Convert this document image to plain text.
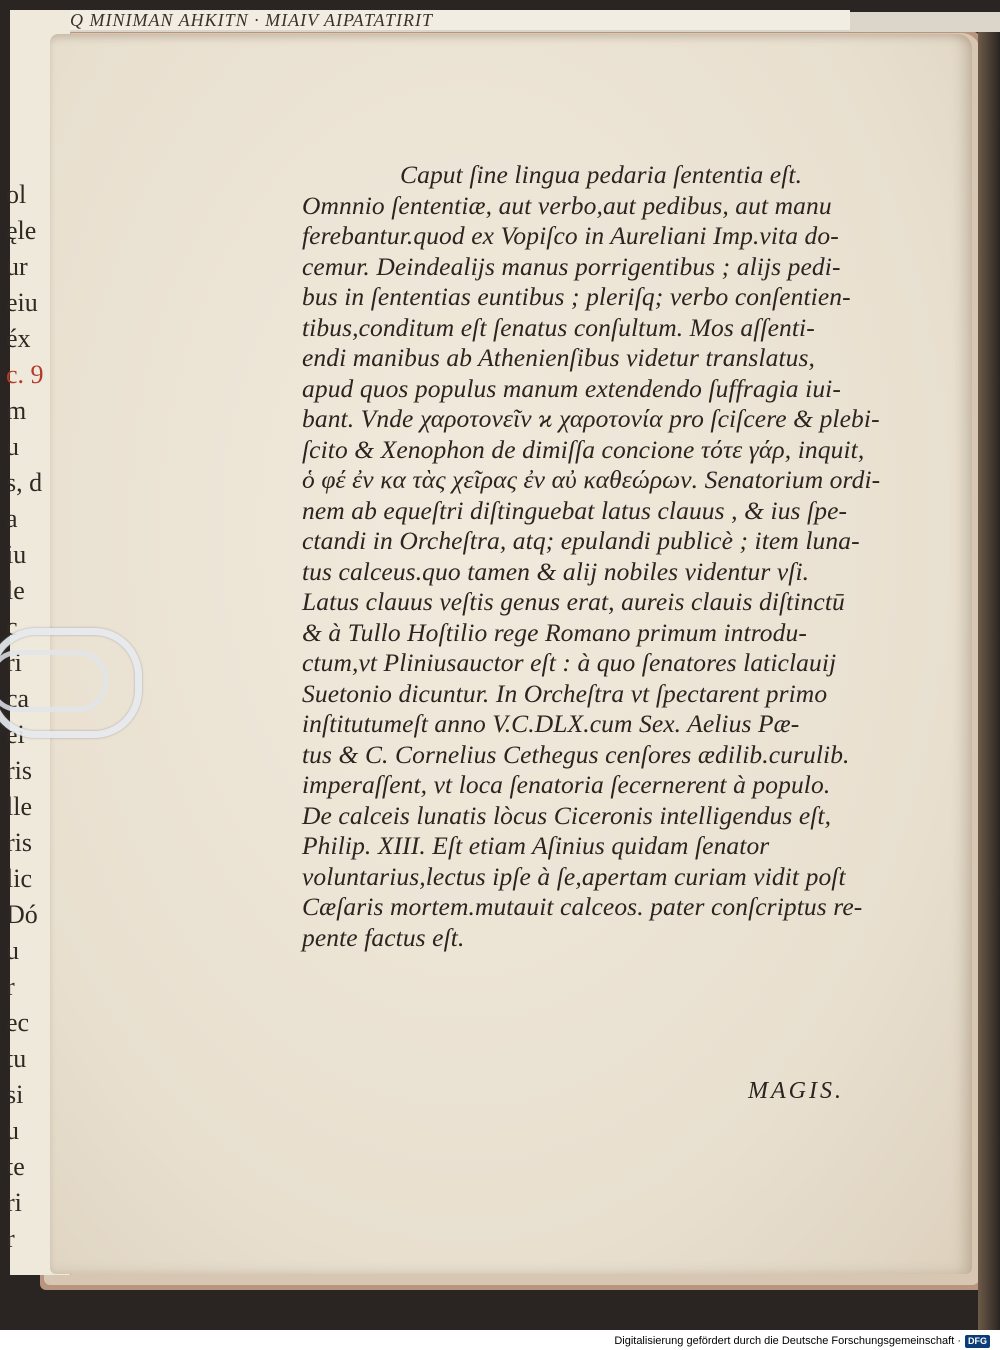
ol
ęle
ur
eiu
éx
c. 9
m
u
s, d
a
iu
le
c
ri
ca
ei
ris
lle
ris
lic
Dó
u
r
ec
tu
si
u
te
ri
r
Q MINIMAN AHKITN · MIAIV AIPATATIRIT
Caput ſine lingua pedaria ſententia eſt.
Omnnio ſententiæ, aut verbo,aut pedibus, aut manu
ferebantur.quod ex Vopiſco in Aureliani Imp.vita do-
cemur. Deindealijs manus porrigentibus ; alijs pedi-
bus in ſententias euntibus ; pleriſq; verbo conſentien-
tibus,conditum eſt ſenatus conſultum. Mos aſſenti-
endi manibus ab Athenienſibus videtur translatus,
apud quos populus manum extendendo ſuffragia iui-
bant. Vnde χαροτονεῖν ϰ χαροτονία pro ſciſcere & plebi-
ſcito & Xenophon de dimiſſa concione τότε γάρ, inquit,
ὁ φέ ἐν κα τὰς χεῖρας ἐν αὐ καθεώρων. Senatorium ordi-
nem ab equeſtri diſtinguebat latus clauus , & ius ſpe-
ctandi in Orcheſtra, atq; epulandi publicè ; item luna-
tus calceus.quo tamen & alij nobiles videntur vſi.
Latus clauus veſtis genus erat, aureis clauis diſtinctū
& à Tullo Hoſtilio rege Romano primum introdu-
ctum,vt Pliniusauctor eſt : à quo ſenatores laticlauij
Suetonio dicuntur. In Orcheſtra vt ſpectarent primo
inſtitutumeſt anno V.C.DLX.cum Sex. Aelius Pæ-
tus & C. Cornelius Cethegus cenſores ædilib.curulib.
imperaſſent, vt loca ſenatoria ſecernerent à populo.
De calceis lunatis lòcus Ciceronis intelligendus eſt,
Philip. XIII. Eſt etiam Aſinius quidam ſenator
voluntarius,lectus ipſe à ſe,apertam curiam vidit poſt
Cæſaris mortem.mutauit calceos. pater conſcriptus re-
pente factus eſt.
MAGIS.
Digitalisierung gefördert durch die Deutsche Forschungsgemeinschaft · DFG
